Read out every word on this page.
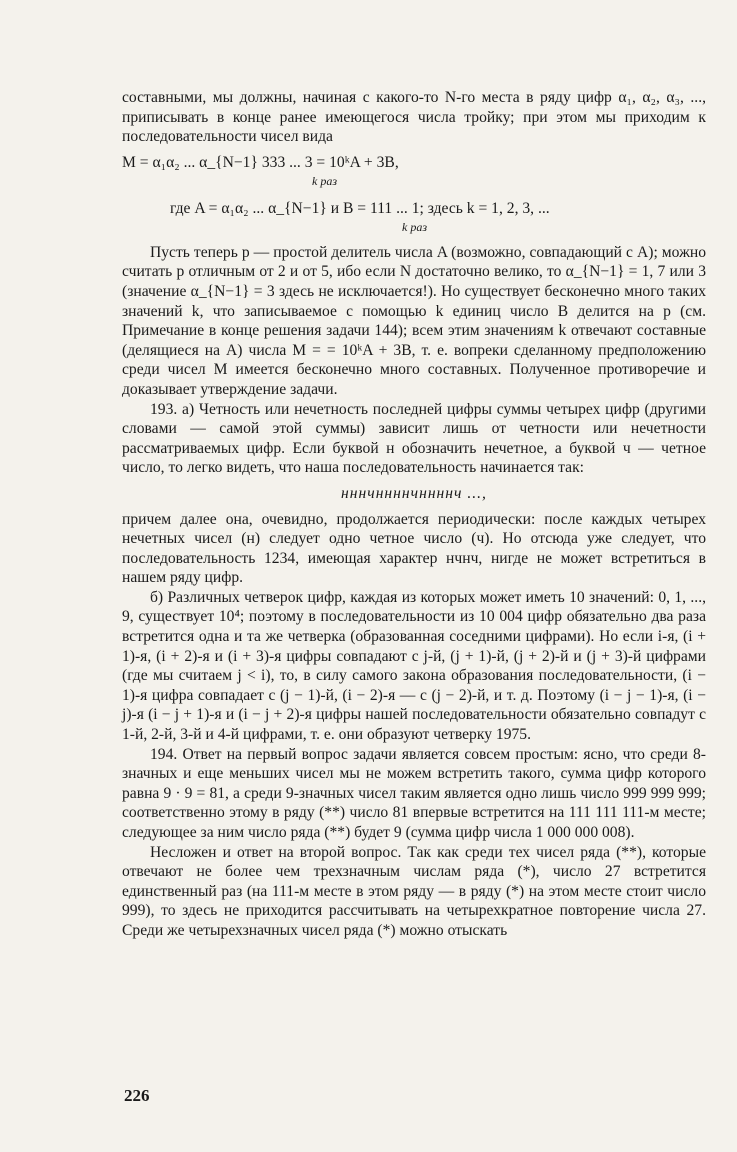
составными, мы должны, начиная с какого-то N-го места в ряду цифр α₁, α₂, α₃, ..., приписывать в конце ранее имеющегося числа тройку; при этом мы приходим к последовательности чисел вида

M = α₁α₂ ... α_{N−1} 333 ... 3 = 10ᵏA + 3B,
k раз
где A = α₁α₂ ... α_{N−1} и B = 111 ... 1; здесь k = 1, 2, 3, ...
k раз

Пусть теперь p — простой делитель числа A (возможно, совпадающий с A); можно считать p отличным от 2 и от 5, ибо если N достаточно велико, то α_{N−1} = 1, 7 или 3 (значение α_{N−1} = 3 здесь не исключается!). Но существует бесконечно много таких значений k, что записываемое с помощью k единиц число B делится на p (см. Примечание в конце решения задачи 144); всем этим значениям k отвечают составные (делящиеся на A) числа M = = 10ᵏA + 3B, т. е. вопреки сделанному предположению среди чисел M имеется бесконечно много составных. Полученное противоречие и доказывает утверждение задачи.

193. а) Четность или нечетность последней цифры суммы четырех цифр (другими словами — самой этой суммы) зависит лишь от четности или нечетности рассматриваемых цифр. Если буквой н обозначить нечетное, а буквой ч — четное число, то легко видеть, что наша последовательность начинается так:

нннчннннчннннч ...,

причем далее она, очевидно, продолжается периодически: после каждых четырех нечетных чисел (н) следует одно четное число (ч). Но отсюда уже следует, что последовательность 1234, имеющая характер нчнч, нигде не может встретиться в нашем ряду цифр.

б) Различных четверок цифр, каждая из которых может иметь 10 значений: 0, 1, ..., 9, существует 10⁴; поэтому в последовательности из 10 004 цифр обязательно два раза встретится одна и та же четверка (образованная соседними цифрами). Но если i-я, (i + 1)-я, (i + 2)-я и (i + 3)-я цифры совпадают с j-й, (j + 1)-й, (j + 2)-й и (j + 3)-й цифрами (где мы считаем j < i), то, в силу самого закона образования последовательности, (i − 1)-я цифра совпадает с (j − 1)-й, (i − 2)-я — с (j − 2)-й, и т. д. Поэтому (i − j − 1)-я, (i − j)-я (i − j + 1)-я и (i − j + 2)-я цифры нашей последовательности обязательно совпадут с 1-й, 2-й, 3-й и 4-й цифрами, т. е. они образуют четверку 1975.

194. Ответ на первый вопрос задачи является совсем простым: ясно, что среди 8-значных и еще меньших чисел мы не можем встретить такого, сумма цифр которого равна 9 · 9 = 81, а среди 9-значных чисел таким является одно лишь число 999 999 999; соответственно этому в ряду (**) число 81 впервые встретится на 111 111 111-м месте; следующее за ним число ряда (**) будет 9 (сумма цифр числа 1 000 000 008).

Несложен и ответ на второй вопрос. Так как среди тех чисел ряда (**), которые отвечают не более чем трехзначным числам ряда (*), число 27 встретится единственный раз (на 111-м месте в этом ряду — в ряду (*) на этом месте стоит число 999), то здесь не приходится рассчитывать на четырехкратное повторение числа 27. Среди же четырехзначных чисел ряда (*) можно отыскать

226
